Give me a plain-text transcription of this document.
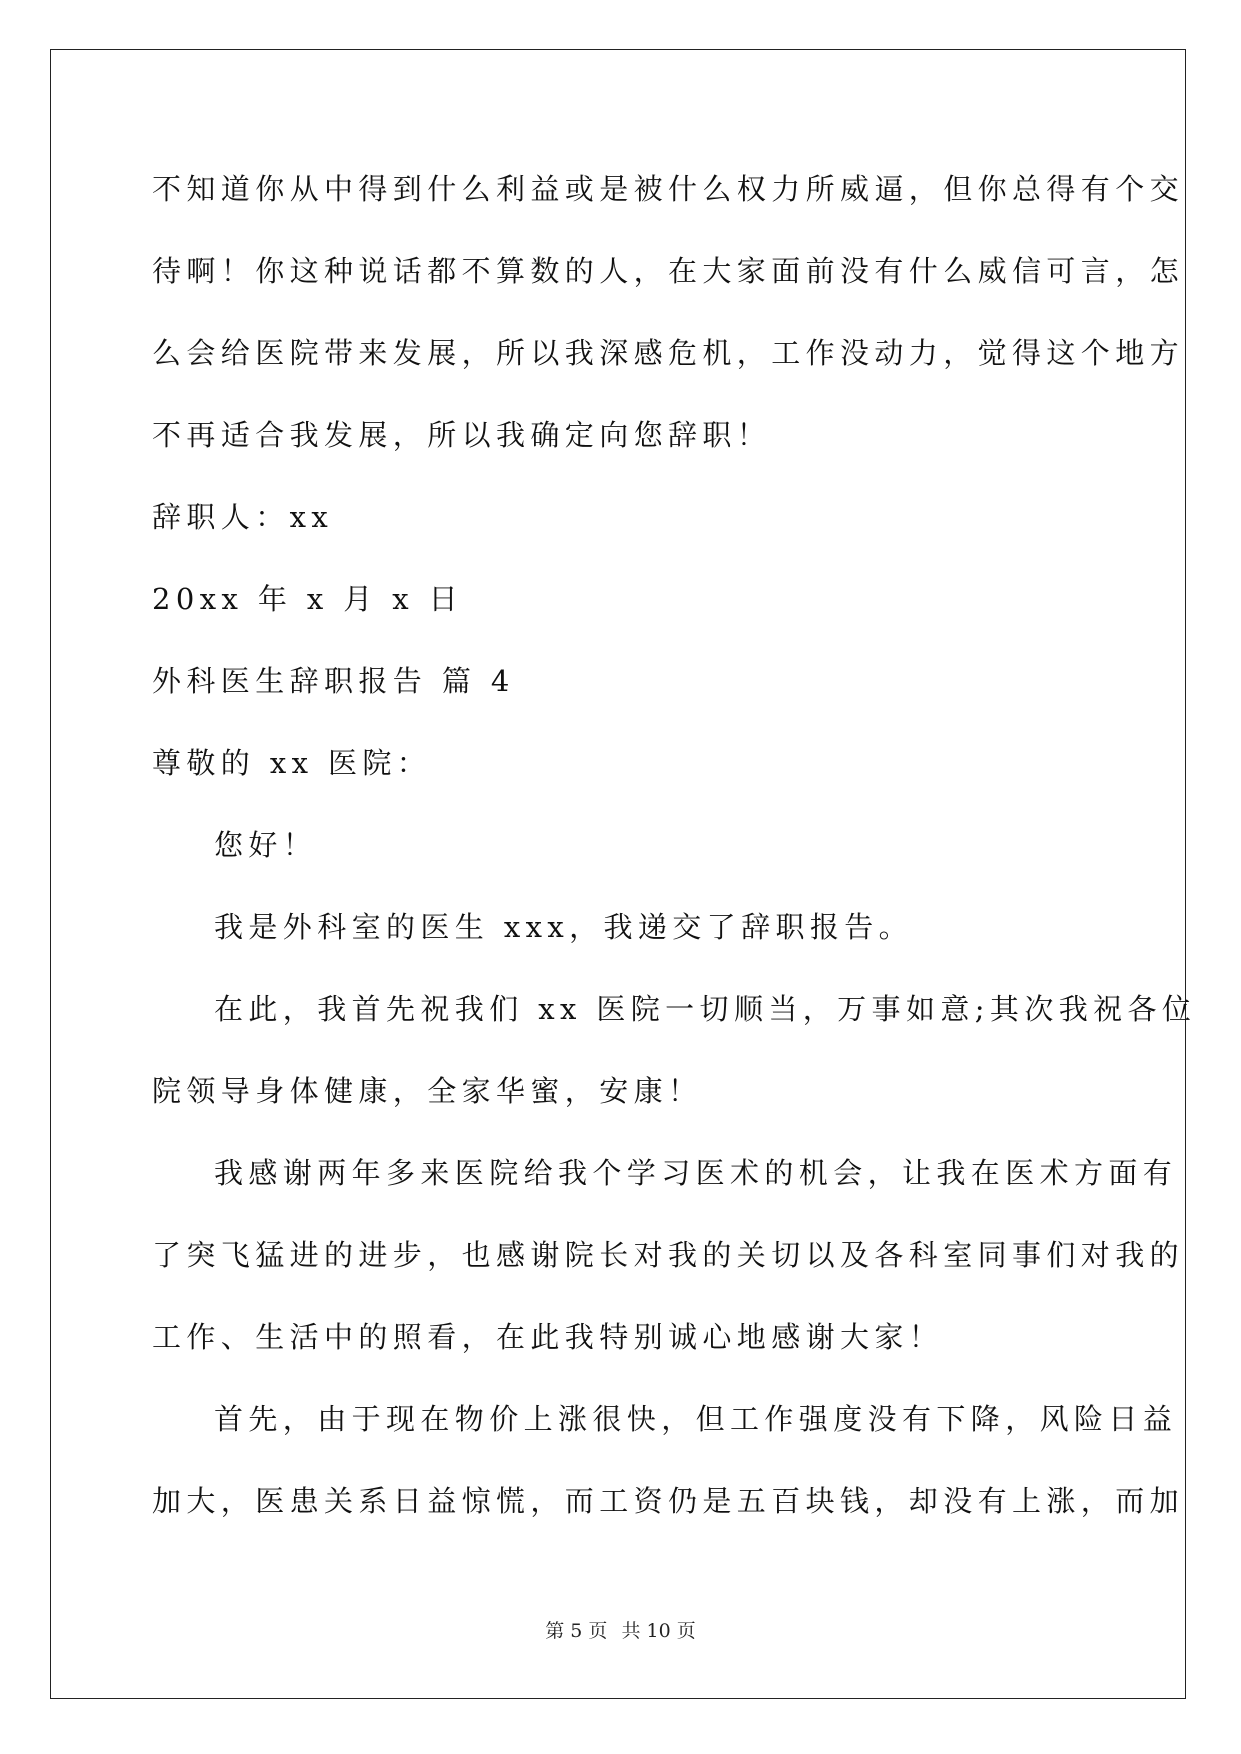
不知道你从中得到什么利益或是被什么权力所威逼，但你总得有个交
待啊！你这种说话都不算数的人，在大家面前没有什么威信可言，怎
么会给医院带来发展，所以我深感危机，工作没动力，觉得这个地方
不再适合我发展，所以我确定向您辞职！
辞职人：xx
20xx 年 x 月 x 日
外科医生辞职报告 篇 4
尊敬的 xx 医院：
您好！
我是外科室的医生 xxx，我递交了辞职报告。
在此，我首先祝我们 xx 医院一切顺当，万事如意;其次我祝各位
院领导身体健康，全家华蜜，安康！
我感谢两年多来医院给我个学习医术的机会，让我在医术方面有
了突飞猛进的进步，也感谢院长对我的关切以及各科室同事们对我的
工作、生活中的照看，在此我特别诚心地感谢大家！
首先，由于现在物价上涨很快，但工作强度没有下降，风险日益
加大，医患关系日益惊慌，而工资仍是五百块钱，却没有上涨，而加
第 5 页 共 10 页
